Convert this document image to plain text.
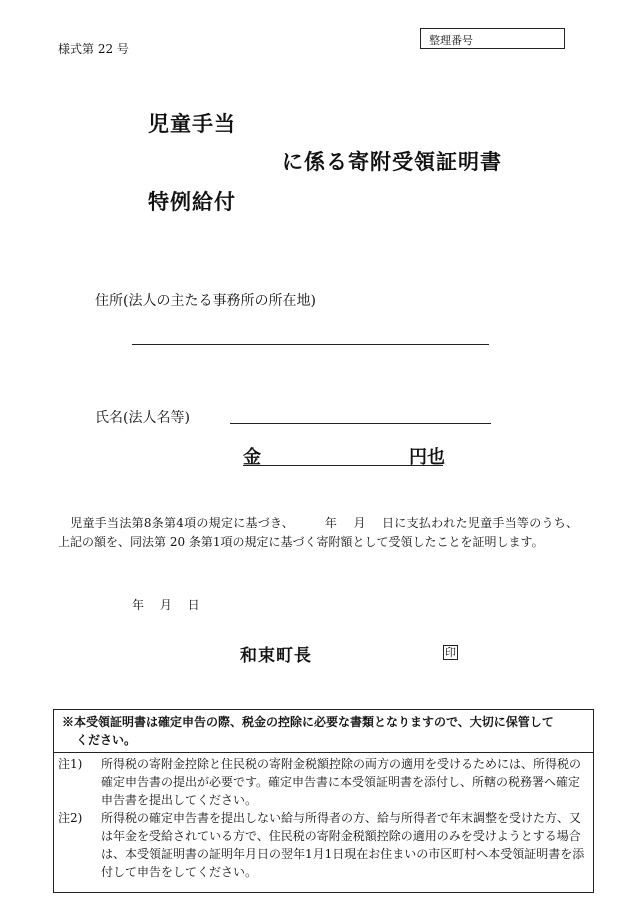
様式第 22 号
整理番号
児童手当
に係る寄附受領証明書
特例給付
住所(法人の主たる事務所の所在地)
氏名(法人名等)
金	円也
　児童手当法第8条第4項の規定に基づき、　　　年　 月　 日に支払われた児童手当等のうち、上記の額を、同法第 20 条第1項の規定に基づく寄附額として受領したことを証明します。
年　 月　 日
和束町長	印
※本受領証明書は確定申告の際、税金の控除に必要な書類となりますので、大切に保管して
ください。
注1) 所得税の寄附金控除と住民税の寄附金税額控除の両方の適用を受けるためには、所得税の確定申告書の提出が必要です。確定申告書に本受領証明書を添付し、所轄の税務署へ確定申告書を提出してください。
注2) 所得税の確定申告書を提出しない給与所得者の方、給与所得者で年末調整を受けた方、又は年金を受給されている方で、住民税の寄附金税額控除の適用のみを受けようとする場合は、本受領証明書の証明年月日の翌年1月1日現在お住まいの市区町村へ本受領証明書を添付して申告をしてください。
